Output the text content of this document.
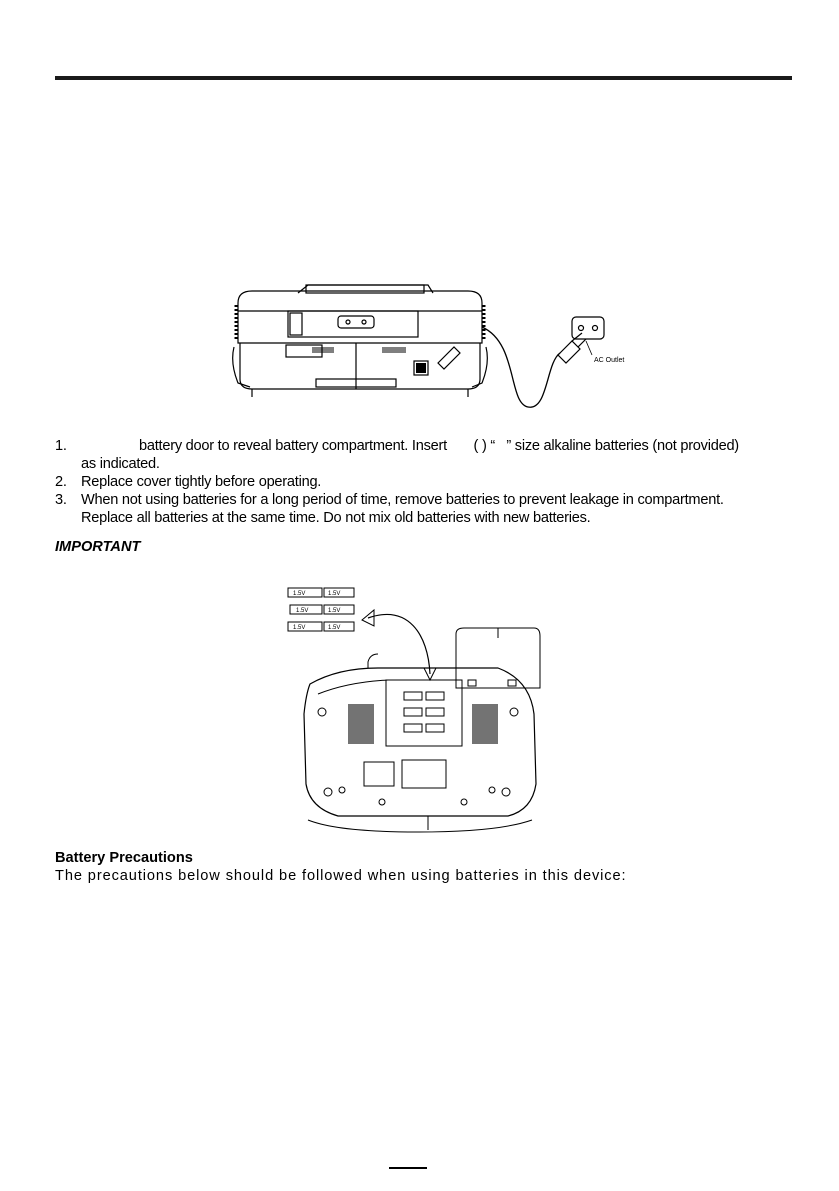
AC Outlet
1.	battery door to reveal battery compartment. Insert       ( ) “   ” size alkaline batteries (not provided)
as indicated.
2. Replace cover tightly before operating.
3. When not using batteries for a long period of time, remove batteries to prevent leakage in compartment.
Replace all batteries at the same time. Do not mix old batteries with new batteries.
IMPORTANT
1.5V	1.5V
1.5V	1.5V
1.5V	1.5V
Battery Precautions
The precautions below should be followed when using batteries in this device:
